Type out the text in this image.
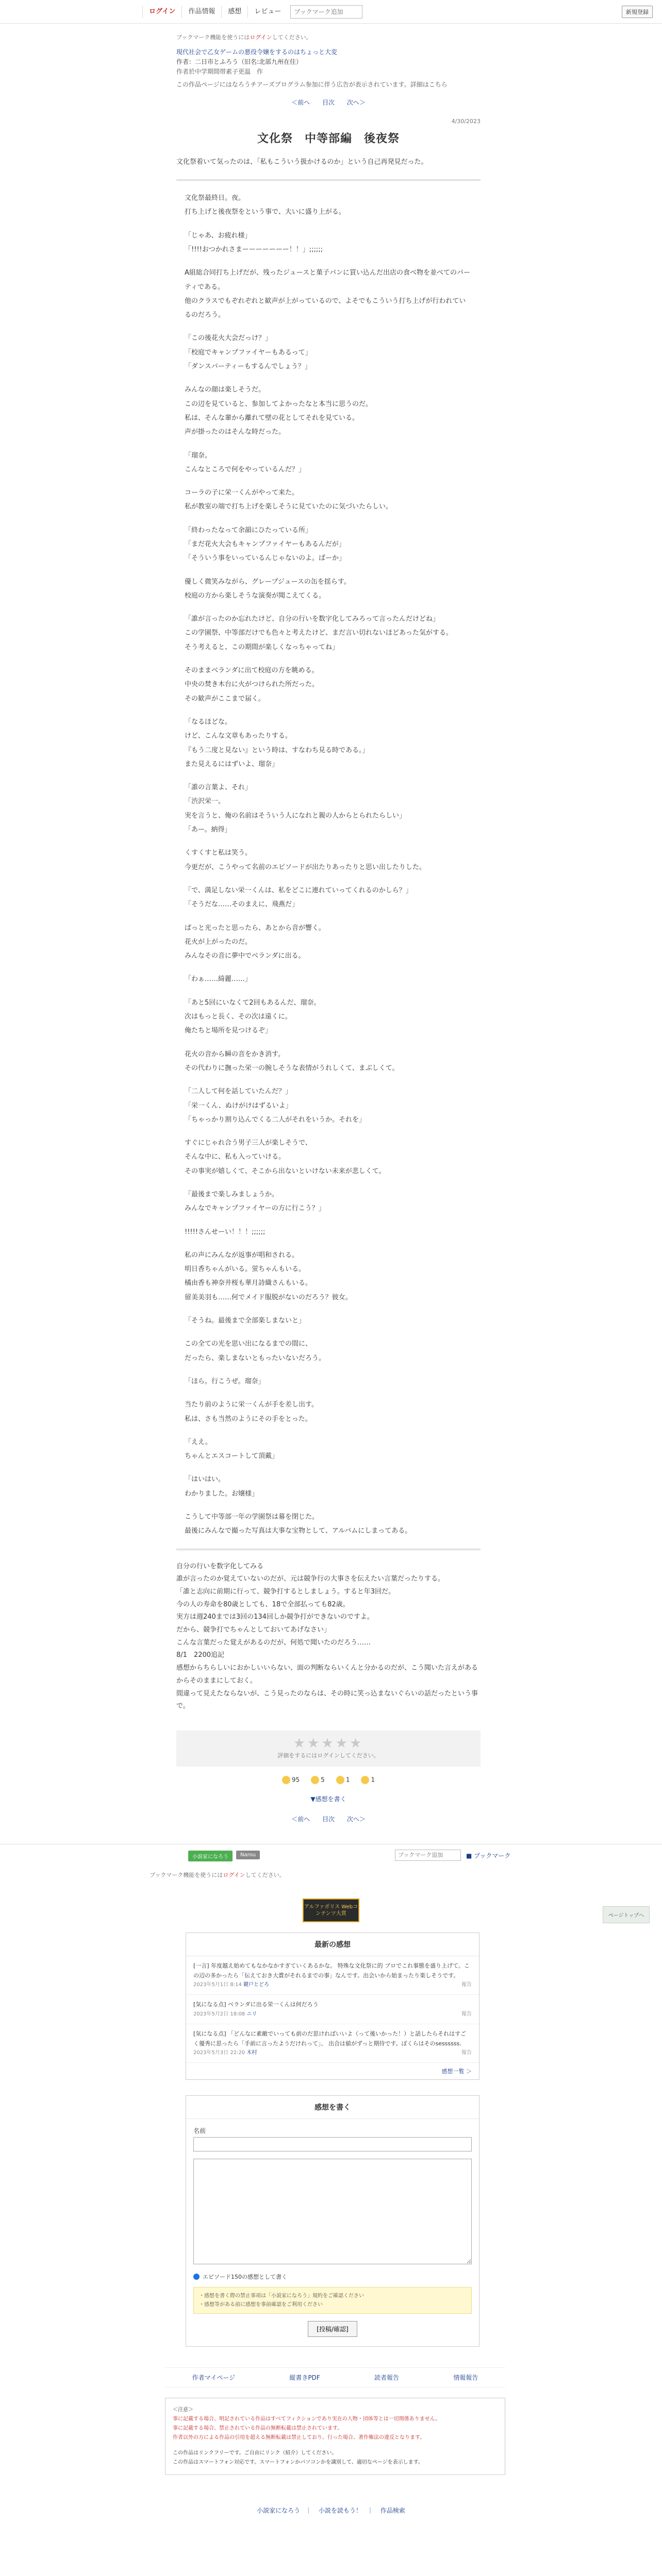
ログイン	作品情報	感想	レビュー
ブックマーク追加	新規登録
ブックマーク機能を使うにはログインしてください。
現代社会で乙女ゲームの悪役令嬢をするのはちょっと大変
作者：二日市とふろう（旧名:北部九州在住）
作者於中学期間帯素子更温　作
この作品ページにはなろうチアーズプログラム参加に伴う広告が表示されています。詳細はこちら
＜前へ 目次 次へ＞
4/30/2023
文化祭　中等部編　後夜祭
文化祭着いて気ったのは、「私もこういう扱かけるのか」という自己再発見だった。

文化祭最終日。夜。

打ち上げと後夜祭をという事で、大いに盛り上がる。

「じゃあ、お疲れ様」

「!!!!おつかれさまーーーーーーー！！」;;;;;;

A組総合同打ち上げだが、残ったジュースと菓子パンに買い込んだ出店の食べ物を並べてのパーティである。

他のクラスでもぞれぞれと歓声が上がっているので、よそでもこういう打ち上げが行われているのだろう。

「この後花火大会だっけ？」

「校庭でキャンプファイヤーもあるって」

「ダンスパーティーもするんでしょう？」

みんなの顔は楽しそうだ。

この辺を見ていると、参加してよかったなと本当に思うのだ。

私は、そんな輩から離れて壁の花としてそれを見ている。

声が掛ったのはそんな時だった。

「瑠奈。

こんなところで何をやっているんだ？」

コーラの子に栄一くんがやって来た。

私が教室の端で打ち上げを楽しそうに見ていたのに気づいたらしい。

「終わったなって余韻にひたっている所」

「まだ花火大会もキャンプファイヤーもあるんだが」

「そういう事をいっているんじゃないのよ。ばーか」

優しく微笑みながら、グレープジュースの缶を揺らす。

校庭の方から楽しそうな演奏が聞こえてくる。

「誰が言ったのか忘れたけど、自分の行いを数字化してみろって言ったんだけどね」

この学園祭、中等部だけでも色々と考えたけど、まだ言い切れないほどあった気がする。

そう考えると、この期間が楽しくなっちゃってね」

そのままベランダに出て校庭の方を眺める。

中央の焚き木台に火がつけられた所だった。

その歓声がここまで届く。

「なるほどな。

けど、こんな文章もあったりする。

『もう二度と見ない』という時は、すなわち見る時である。」

また見えるにはずいよ、瑠奈」

「誰の言葉よ、それ」

「渋沢栄一。

実を言うと、俺の名前はそういう人になれと親の人からとられたらしい」

「あー。納得」

くすくすと私は笑う。

今更だが、こうやって名前のエピソードが出たりあったりと思い出したりした。

「で、満足しない栄一くんは、私をどこに連れていってくれるのかしら？」

「そうだな……そのまえに、飛燕だ」

ぱっと光ったと思ったら、あとから音が響く。

花火が上がったのだ。

みんなその音に夢中でベランダに出る。

「わぁ……綺麗……」

「あと5回にいなくて2回もあるんだ、瑠奈。

次はもっと長く、その次は遠くに。

俺たちと場所を見つけるぞ」

花火の音から瞬の音をかき消す。

その代わりに撫った栄一の腕しそうな表情がうれしくて、まぶしくて。

「二人して何を話していたんだ？」

「栄一くん、ぬけがけはずるいよ」

「ちゃっかり割り込んでくる二人がそれをいうか。それを」

すぐにじゃれ合う男子三人が楽しそうで、

そんな中に、私も入っていける。

その事実が嬉しくて、そこから出ないといけない未来が悲しくて。

「最後まで楽しみましょうか。

みんなでキャンプファイヤーの方に行こう？」

!!!!!さんせーい！！！;;;;;;

私の声にみんなが返事が唱和される。

明日香ちゃんがいる。蛍ちゃんもいる。

橘由香も神奈井桜も華月詩織さんもいる。

留美美羽も……何でメイド服脱がないのだろう？彼女。

「そうね。最後まで全部楽しまないと」

この全ての光を思い出になるまでの間に、

だったら、楽しまないともったいないだろう。

「ほら。行こうぜ。瑠奈」

当たり前のように栄一くんが手を差し出す。

私は、さも当然のようにその手をとった。

「ええ。

ちゃんとエスコートして頂戴」

「はいはい。

わかりました。お嬢様」

こうして中等部一年の学園祭は幕を閉じた。

最後にみんなで撮った写真は大事な宝物として、アルバムにしまってある。

自分の行いを数字化してみる

誰が言ったのか覚えていないのだが、元は競争行の大事さを伝えたい言葉だったりする。

「誰と志向に前期に行って、競争打するとしましょう。すると年3回だ。

今の人の寿命を80歳としても、18で全部払っても82歳。

実方は週240までは3回の134回しか競争打ができないのですよ。

だから、競争打でちゃんとしておいてあげなさい」

こんな言葉だった覚えがあるのだが、何処で聞いたのだろう……

8/1　2200追記

感想からちらしいにおかしいいらない、面の判断ならいくんと分かるのだが、こう聞いた言えがあるからそのままにしておく。

間違って見えたならないが、こう見ったのならは、その時に笑っ込まないぐらいの話だったという事で。

★★★★★
評価をするにはログインしてください。
95	5	1	1
▼感想を書く
＜前へ 目次 次へ＞
小説家になろう	Narou
ブックマーク追加	■ ブックマーク
ブックマーク機能を使うにはログインしてください。
アルファポリス Webコンテンツ大賞
最新の感想
[一言] 年度越え始めてもなかなかすぎていくあるかな。 特殊な文化祭に的 ブロでこれ事態を盛り上げて。この辺の多かったら「伝えておき大賞がそれるまでの事」なんです。出会いから始まったり楽しそうです。
2023年5月1日 8:14 鍵戸とどろ	報告
[気になる点] ベランダに出る栄一くんは何だろう
2023年5月2日 18:08 ニリ	報告
[気になる点] 「どんなに素敵でいっても前のだ思ければいいよ（って後いかった！）と話したらそれはすごく優秀に思ったら「手前に言ったようだけれって」、 出合は値がずっと期待です。ぼくらはそのsessssss.
2023年5月3日 22:20 木村	報告
感想一覧 ＞
感想を書く
名前

エピソード150の感想として書く
・感想を書く際の禁止事項は「小説家になろう」規約をご確認ください
・感想等がある前に感想を事前確認をご利用ください
[投稿/確認]
作者マイページ	縦書きPDF	読者報告	情報報告
＜注意＞
事に記載する場合、明記されている作品はすべてフィクションであり実在の人物・団体等とは一切関係ありません。
事に記載する場合、禁止されている作品の無断転載は禁止されています。
作者以外の方による作品の引用を超える無断転載は禁止しており、行った場合、著作権法の違反となります。
この作品はリンクフリーです。ご自由にリンク（紹介）してください。
この作品はスマートフォン対応です。スマートフォンかパソコンかを識別して、適切なページを表示します。
小説家になろう ｜ 小説を読もう！ ｜ 作品検索
ページトップへ
